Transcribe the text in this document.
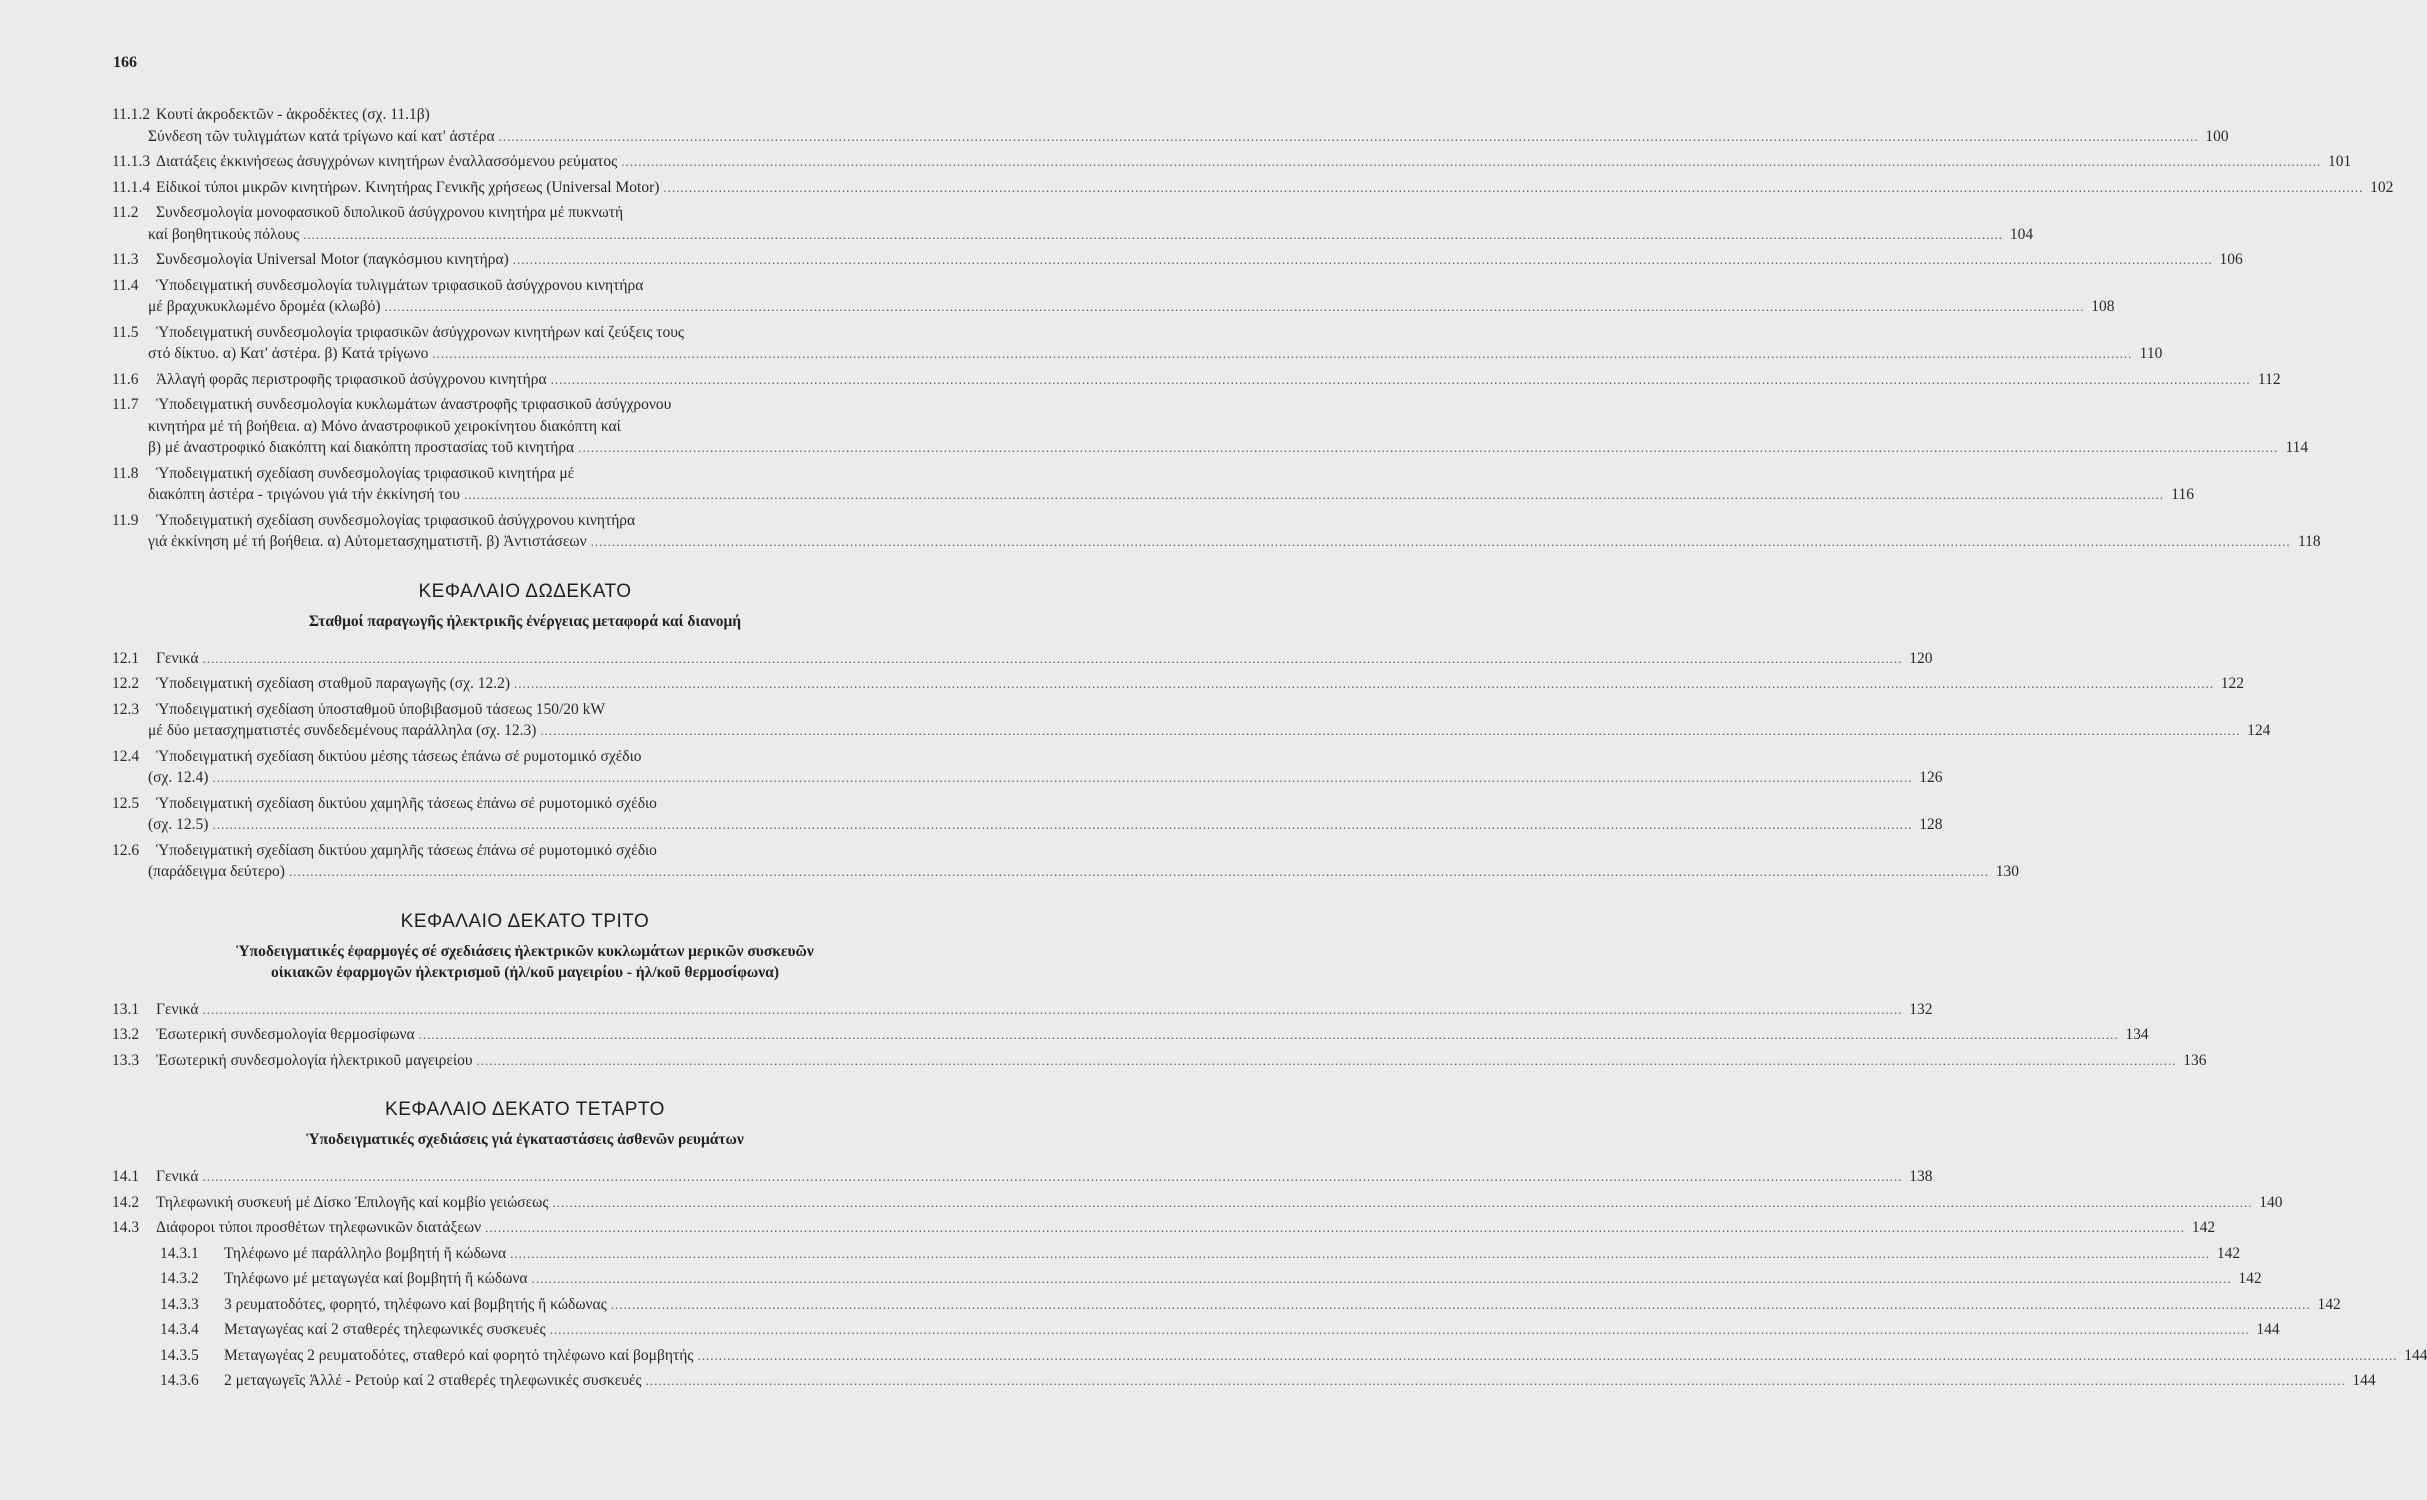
166
11.1.2 Κουτί ἀκροδεκτῶν - ἀκροδέκτες (σχ. 11.1β)
Σύνδεση τῶν τυλιγμάτων κατά τρίγωνο καί κατ' ἀστέρα ................................................................................................................................................................................................................................................................................................................................................................................................................ 100
11.1.3 Διατάξεις ἐκκινήσεως ἀσυγχρόνων κινητήρων ἐναλλασσόμενου ρεύματος ................................................................................................................................................................................................................................................................................................................................................................................................................ 101
11.1.4 Εἰδικοί τύποι μικρῶν κινητήρων. Κινητήρας Γενικῆς χρήσεως (Universal Motor) ................................................................................................................................................................................................................................................................................................................................................................................................................ 102
11.2	Συνδεσμολογία μονοφασικοῦ διπολικοῦ ἀσύγχρονου κινητήρα μέ πυκνωτή
καί βοηθητικούς πόλους ................................................................................................................................................................................................................................................................................................................................................................................................................ 104
11.3	Συνδεσμολογία Universal Motor (παγκόσμιου κινητήρα) ................................................................................................................................................................................................................................................................................................................................................................................................................ 106
11.4	Ὑποδειγματική συνδεσμολογία τυλιγμάτων τριφασικοῦ ἀσύγχρονου κινητήρα
μέ βραχυκυκλωμένο δρομέα (κλωβό) ................................................................................................................................................................................................................................................................................................................................................................................................................ 108
11.5	Ὑποδειγματική συνδεσμολογία τριφασικῶν ἀσύγχρονων κινητήρων καί ζεύξεις τους
στό δίκτυο. α) Κατ' ἀστέρα. β) Κατά τρίγωνο ................................................................................................................................................................................................................................................................................................................................................................................................................ 110
11.6	Ἀλλαγή φορᾶς περιστροφῆς τριφασικοῦ ἀσύγχρονου κινητήρα ................................................................................................................................................................................................................................................................................................................................................................................................................ 112
11.7	Ὑποδειγματική συνδεσμολογία κυκλωμάτων ἀναστροφῆς τριφασικοῦ ἀσύγχρονου
κινητήρα μέ τή βοήθεια. α) Μόνο ἀναστροφικοῦ χειροκίνητου διακόπτη καί
β) μέ ἀναστροφικό διακόπτη καί διακόπτη προστασίας τοῦ κινητήρα ................................................................................................................................................................................................................................................................................................................................................................................................................ 114
11.8	Ὑποδειγματική σχεδίαση συνδεσμολογίας τριφασικοῦ κινητήρα μέ
διακόπτη ἀστέρα - τριγώνου γιά τήν ἐκκίνησή του ................................................................................................................................................................................................................................................................................................................................................................................................................ 116
11.9	Ὑποδειγματική σχεδίαση συνδεσμολογίας τριφασικοῦ ἀσύγχρονου κινητήρα
γιά ἐκκίνηση μέ τή βοήθεια. α) Αὐτομετασχηματιστῆ. β) Ἀντιστάσεων ................................................................................................................................................................................................................................................................................................................................................................................................................ 118
ΚΕΦΑΛΑΙΟ ΔΩΔΕΚΑΤΟ
Σταθμοί παραγωγῆς ἠλεκτρικῆς ἐνέργειας μεταφορά καί διανομή
12.1	Γενικά ................................................................................................................................................................................................................................................................................................................................................................................................................ 120
12.2	Ὑποδειγματική σχεδίαση σταθμοῦ παραγωγῆς (σχ. 12.2) ................................................................................................................................................................................................................................................................................................................................................................................................................ 122
12.3	Ὑποδειγματική σχεδίαση ὑποσταθμοῦ ὑποβιβασμοῦ τάσεως 150/20 kW
μέ δύο μετασχηματιστές συνδεδεμένους παράλληλα (σχ. 12.3) ................................................................................................................................................................................................................................................................................................................................................................................................................ 124
12.4	Ὑποδειγματική σχεδίαση δικτύου μέσης τάσεως ἐπάνω σέ ρυμοτομικό σχέδιο
(σχ. 12.4) ................................................................................................................................................................................................................................................................................................................................................................................................................ 126
12.5	Ὑποδειγματική σχεδίαση δικτύου χαμηλῆς τάσεως ἐπάνω σέ ρυμοτομικό σχέδιο
(σχ. 12.5) ................................................................................................................................................................................................................................................................................................................................................................................................................ 128
12.6	Ὑποδειγματική σχεδίαση δικτύου χαμηλῆς τάσεως ἐπάνω σέ ρυμοτομικό σχέδιο
(παράδειγμα δεύτερο) ................................................................................................................................................................................................................................................................................................................................................................................................................ 130
ΚΕΦΑΛΑΙΟ ΔΕΚΑΤΟ ΤΡΙΤΟ
Ὑποδειγματικές ἐφαρμογές σέ σχεδιάσεις ἠλεκτρικῶν κυκλωμάτων μερικῶν συσκευῶν
οἰκιακῶν ἐφαρμογῶν ἠλεκτρισμοῦ (ἠλ/κοῦ μαγειρίου - ἠλ/κοῦ θερμοσίφωνα)
13.1	Γενικά ................................................................................................................................................................................................................................................................................................................................................................................................................ 132
13.2	Ἐσωτερική συνδεσμολογία θερμοσίφωνα ................................................................................................................................................................................................................................................................................................................................................................................................................ 134
13.3	Ἐσωτερική συνδεσμολογία ἠλεκτρικοῦ μαγειρείου ................................................................................................................................................................................................................................................................................................................................................................................................................ 136
ΚΕΦΑΛΑΙΟ ΔΕΚΑΤΟ ΤΕΤΑΡΤΟ
Ὑποδειγματικές σχεδιάσεις γιά ἐγκαταστάσεις ἀσθενῶν ρευμάτων
14.1	Γενικά ................................................................................................................................................................................................................................................................................................................................................................................................................ 138
14.2	Τηλεφωνική συσκευή μέ Δίσκο Ἐπιλογῆς καί κομβίο γειώσεως ................................................................................................................................................................................................................................................................................................................................................................................................................ 140
14.3	Διάφοροι τύποι προσθέτων τηλεφωνικῶν διατάξεων ................................................................................................................................................................................................................................................................................................................................................................................................................ 142
14.3.1	Τηλέφωνο μέ παράλληλο βομβητή ἤ κώδωνα ................................................................................................................................................................................................................................................................................................................................................................................................................ 142
14.3.2	Τηλέφωνο μέ μεταγωγέα καί βομβητή ἤ κώδωνα ................................................................................................................................................................................................................................................................................................................................................................................................................ 142
14.3.3	3 ρευματοδότες, φορητό, τηλέφωνο καί βομβητής ἤ κώδωνας ................................................................................................................................................................................................................................................................................................................................................................................................................ 142
14.3.4	Μεταγωγέας καί 2 σταθερές τηλεφωνικές συσκευές ................................................................................................................................................................................................................................................................................................................................................................................................................ 144
14.3.5	Μεταγωγέας 2 ρευματοδότες, σταθερό καί φορητό τηλέφωνο καί βομβητής ................................................................................................................................................................................................................................................................................................................................................................................................................ 144
14.3.6	2 μεταγωγεῖς Ἀλλέ - Ρετούρ καί 2 σταθερές τηλεφωνικές συσκευές ................................................................................................................................................................................................................................................................................................................................................................................................................ 144
